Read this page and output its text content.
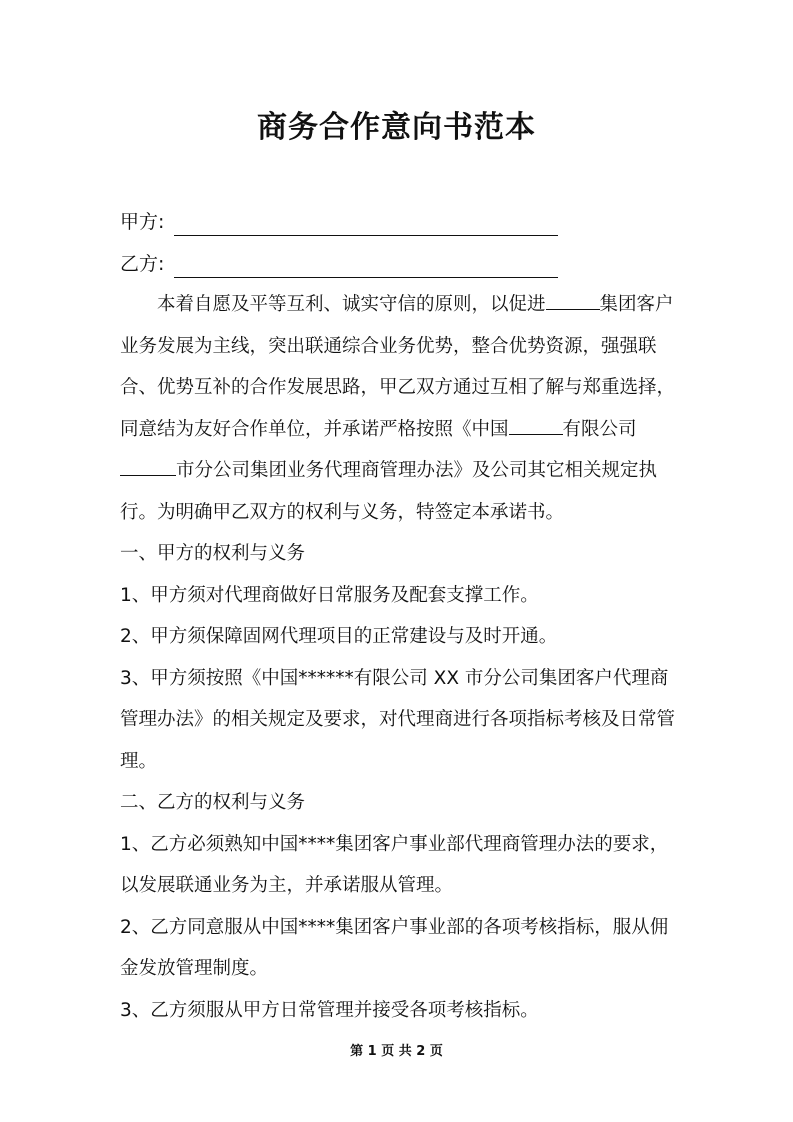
商务合作意向书范本
甲方:
乙方:

本着自愿及平等互利、诚实守信的原则，以促进	集团客户业务发展为主线，突出联通综合业务优势，整合优势资源，强强联合、优势互补的合作发展思路，甲乙双方通过互相了解与郑重选择，同意结为友好合作单位，并承诺严格按照《中国	有限公司市分公司集团业务代理商管理办法》及公司其它相关规定执行。为明确甲乙双方的权利与义务，特签定本承诺书。

一、甲方的权利与义务

1、甲方须对代理商做好日常服务及配套支撑工作。

2、甲方须保障固网代理项目的正常建设与及时开通。

3、甲方须按照《中国******有限公司 XX 市分公司集团客户代理商管理办法》的相关规定及要求，对代理商进行各项指标考核及日常管理。

二、乙方的权利与义务

1、乙方必须熟知中国****集团客户事业部代理商管理办法的要求，以发展联通业务为主，并承诺服从管理。

2、乙方同意服从中国****集团客户事业部的各项考核指标，服从佣金发放管理制度。

3、乙方须服从甲方日常管理并接受各项考核指标。

第 1 页 共 2 页
